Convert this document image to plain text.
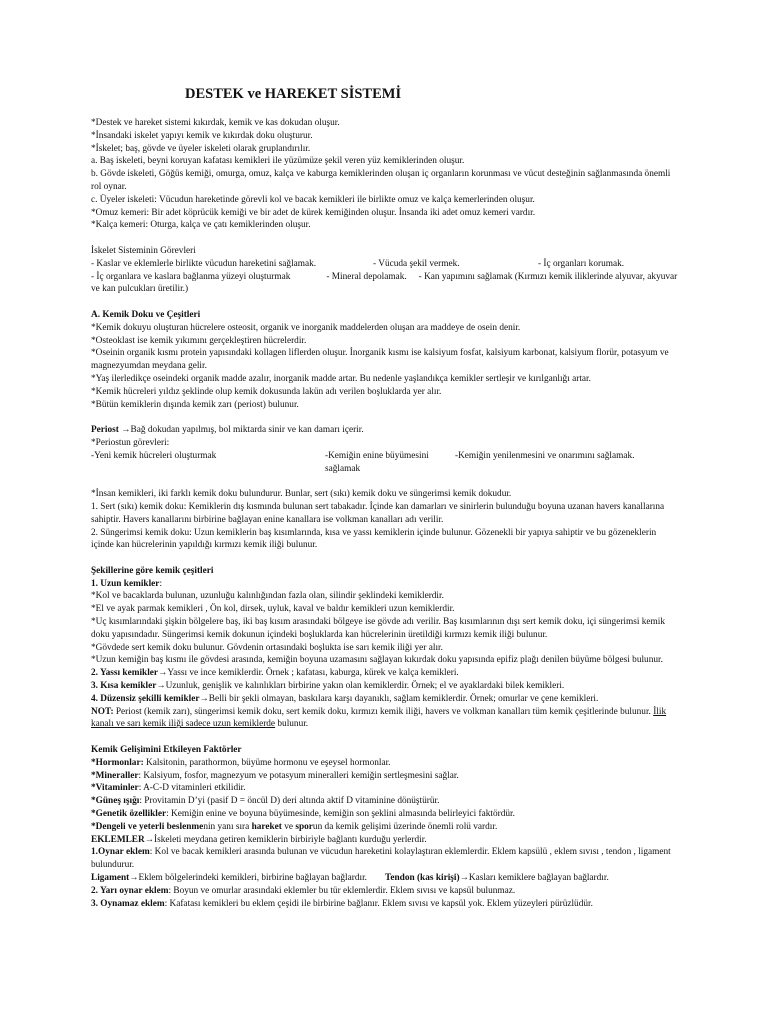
DESTEK ve HAREKET SİSTEMİ

*Destek ve hareket sistemi kıkırdak, kemik ve kas dokudan oluşur.

*İnsandaki iskelet yapıyı kemik ve kıkırdak doku oluşturur.

*İskelet; baş, gövde ve üyeler iskeleti olarak gruplandırılır.

a. Baş iskeleti, beyni koruyan kafatası kemikleri ile yüzümüze şekil veren yüz kemiklerinden oluşur.

b. Gövde iskeleti, Göğüs kemiği, omurga, omuz, kalça ve kaburga kemiklerinden oluşan iç organların korunması ve vücut desteğinin sağlanmasında önemli rol oynar.

c. Üyeler iskeleti: Vücudun hareketinde görevli kol ve bacak kemikleri ile birlikte omuz ve kalça kemerlerinden oluşur.

*Omuz kemeri: Bir adet köprücük kemiği ve bir adet de kürek kemiğinden oluşur. İnsanda iki adet omuz kemeri vardır.

*Kalça kemeri: Oturga, kalça ve çatı kemiklerinden oluşur.

İskelet Sisteminin Görevleri

- Kaslar ve eklemlerle birlikte vücudun hareketini sağlamak.	- Vücuda şekil vermek.	- İç organları korumak.

- İç organlara ve kaslara bağlanma yüzeyi oluşturmak	- Mineral depolamak. - Kan yapımını sağlamak (Kırmızı kemik iliklerinde alyuvar, akyuvar ve kan pulcukları üretilir.)

A. Kemik Doku ve Çeşitleri

*Kemik dokuyu oluşturan hücrelere osteosit, organik ve inorganik maddelerden oluşan ara maddeye de osein denir.

*Osteoklast ise kemik yıkımını gerçekleştiren hücrelerdir.

*Oseinin organik kısmı protein yapısındaki kollagen liflerden oluşur. İnorganik kısmı ise kalsiyum fosfat, kalsiyum karbonat, kalsiyum florür, potasyum ve magnezyumdan meydana gelir.

*Yaş ilerledikçe oseindeki organik madde azalır, inorganik madde artar. Bu nedenle yaşlandıkça kemikler sertleşir ve kırılganlığı artar.

*Kemik hücreleri yıldız şeklinde olup kemik dokusunda lakün adı verilen boşluklarda yer alır.

*Bütün kemiklerin dışında kemik zarı (periost) bulunur.

Periost →Bağ dokudan yapılmış, bol miktarda sinir ve kan damarı içerir.

*Periostun görevleri:

-Yeni kemik hücreleri oluşturmak	-Kemiğin enine büyümesini sağlamak
-Kemiğin yenilenmesini ve onarımını sağlamak.

*İnsan kemikleri, iki farklı kemik doku bulundurur. Bunlar, sert (sıkı) kemik doku ve süngerimsi kemik dokudur.

1. Sert (sıkı) kemik doku: Kemiklerin dış kısmında bulunan sert tabakadır. İçinde kan damarları ve sinirlerin bulunduğu boyuna uzanan havers kanallarına sahiptir. Havers kanallarını birbirine bağlayan enine kanallara ise volkman kanalları adı verilir.

2. Süngerimsi kemik doku: Uzun kemiklerin baş kısımlarında, kısa ve yassı kemiklerin içinde bulunur. Gözenekli bir yapıya sahiptir ve bu gözeneklerin içinde kan hücrelerinin yapıldığı kırmızı kemik iliği bulunur.

Şekillerine göre kemik çeşitleri

1. Uzun kemikler:

*Kol ve bacaklarda bulunan, uzunluğu kalınlığından fazla olan, silindir şeklindeki kemiklerdir.

*El ve ayak parmak kemikleri , Ön kol, dirsek, uyluk, kaval ve baldır kemikleri uzun kemiklerdir.

*Uç kısımlarındaki şişkin bölgelere baş, iki baş kısım arasındaki bölgeye ise gövde adı verilir. Baş kısımlarının dışı sert kemik doku, içi süngerimsi kemik doku yapısındadır. Süngerimsi kemik dokunun içindeki boşluklarda kan hücrelerinin üretildiği kırmızı kemik iliği bulunur.

*Gövdede sert kemik doku bulunur. Gövdenin ortasındaki boşlukta ise sarı kemik iliği yer alır.

*Uzun kemiğin baş kısmı ile gövdesi arasında, kemiğin boyuna uzamasını sağlayan kıkırdak doku yapısında epifiz plağı denilen büyüme bölgesi bulunur.

2. Yassı kemikler→Yassı ve ince kemiklerdir. Örnek ; kafatası, kaburga, kürek ve kalça kemikleri.

3. Kısa kemikler→Uzunluk, genişlik ve kalınlıkları birbirine yakın olan kemiklerdir. Örnek; el ve ayaklardaki bilek kemikleri.

4. Düzensiz şekilli kemikler→Belli bir şekli olmayan, baskılara karşı dayanıklı, sağlam kemiklerdir. Örnek; omurlar ve çene kemikleri.

NOT: Periost (kemik zarı), süngerimsi kemik doku, sert kemik doku, kırmızı kemik iliği, havers ve volkman kanalları tüm kemik çeşitlerinde bulunur. İlik kanalı ve sarı kemik iliği sadece uzun kemiklerde bulunur.

Kemik Gelişimini Etkileyen Faktörler

*Hormonlar: Kalsitonin, parathormon, büyüme hormonu ve eşeysel hormonlar.

*Mineraller: Kalsiyum, fosfor, magnezyum ve potasyum mineralleri kemiğin sertleşmesini sağlar.

*Vitaminler: A-C-D vitaminleri etkilidir.

*Güneş ışığı: Provitamin D’yi (pasif D = öncül D) deri altında aktif D vitaminine dönüştürür.

*Genetik özellikler: Kemiğin enine ve boyuna büyümesinde, kemiğin son şeklini almasında belirleyici faktördür.

*Dengeli ve yeterli beslenmenin yanı sıra hareket ve sporun da kemik gelişimi üzerinde önemli rolü vardır.

EKLEMLER→İskeleti meydana getiren kemiklerin birbiriyle bağlantı kurduğu yerlerdir.

1.Oynar eklem: Kol ve bacak kemikleri arasında bulunan ve vücudun hareketini kolaylaştıran eklemlerdir. Eklem kapsülü , eklem sıvısı , tendon , ligament bulundurur.

Ligament→Eklem bölgelerindeki kemikleri, birbirine bağlayan bağlardır. Tendon (kas kirişi)→Kasları kemiklere bağlayan bağlardır.

2. Yarı oynar eklem: Boyun ve omurlar arasındaki eklemler bu tür eklemlerdir. Eklem sıvısı ve kapsül bulunmaz.

3. Oynamaz eklem: Kafatası kemikleri bu eklem çeşidi ile birbirine bağlanır. Eklem sıvısı ve kapsül yok. Eklem yüzeyleri pürüzlüdür.
